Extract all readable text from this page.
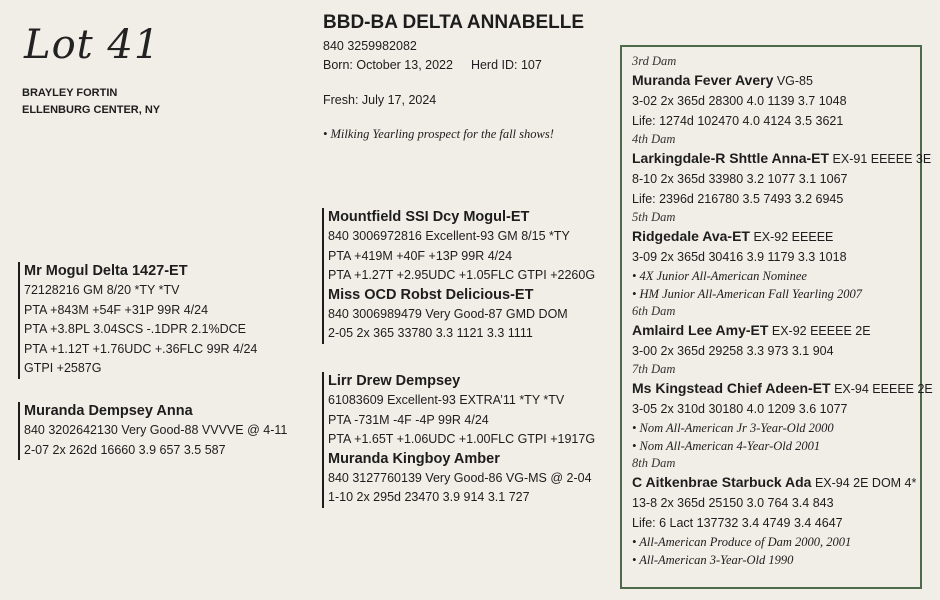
Lot 41
BRAYLEY FORTIN
ELLENBURG CENTER, NY
BBD-BA DELTA ANNABELLE
840 3259982082
Born: October 13, 2022 Herd ID: 107
Fresh: July 17, 2024
• Milking Yearling prospect for the fall shows!
Mr Mogul Delta 1427-ET
72128216 GM 8/20 *TY *TV
PTA +843M +54F +31P 99R 4/24
PTA +3.8PL 3.04SCS -.1DPR 2.1%DCE
PTA +1.12T +1.76UDC +.36FLC 99R 4/24
GTPI +2587G
Muranda Dempsey Anna
840 3202642130 Very Good-88 VVVVE @ 4-11
2-07 2x 262d 16660 3.9 657 3.5 587
Mountfield SSI Dcy Mogul-ET
840 3006972816 Excellent-93 GM 8/15 *TY
PTA +419M +40F +13P 99R 4/24
PTA +1.27T +2.95UDC +1.05FLC GTPI +2260G
Miss OCD Robst Delicious-ET
840 3006989479 Very Good-87 GMD DOM
2-05 2x 365 33780 3.3 1121 3.3 1111
Lirr Drew Dempsey
61083609 Excellent-93 EXTRA’11 *TY *TV
PTA -731M -4F -4P 99R 4/24
PTA +1.65T +1.06UDC +1.00FLC GTPI +1917G
Muranda Kingboy Amber
840 3127760139 Very Good-86 VG-MS @ 2-04
1-10 2x 295d 23470 3.9 914 3.1 727
3rd Dam
Muranda Fever Avery VG-85
3-02 2x 365d 28300 4.0 1139 3.7 1048
Life: 1274d 102470 4.0 4124 3.5 3621
4th Dam
Larkingdale-R Shttle Anna-ET EX-91 EEEEE 3E
8-10 2x 365d 33980 3.2 1077 3.1 1067
Life: 2396d 216780 3.5 7493 3.2 6945
5th Dam
Ridgedale Ava-ET EX-92 EEEEE
3-09 2x 365d 30416 3.9 1179 3.3 1018
• 4X Junior All-American Nominee
• HM Junior All-American Fall Yearling 2007
6th Dam
Amlaird Lee Amy-ET EX-92 EEEEE 2E
3-00 2x 365d 29258 3.3 973 3.1 904
7th Dam
Ms Kingstead Chief Adeen-ET EX-94 EEEEE 2E
3-05 2x 310d 30180 4.0 1209 3.6 1077
• Nom All-American Jr 3-Year-Old 2000
• Nom All-American 4-Year-Old 2001
8th Dam
C Aitkenbrae Starbuck Ada EX-94 2E DOM 4*
13-8 2x 365d 25150 3.0 764 3.4 843
Life: 6 Lact 137732 3.4 4749 3.4 4647
• All-American Produce of Dam 2000, 2001
• All-American 3-Year-Old 1990
